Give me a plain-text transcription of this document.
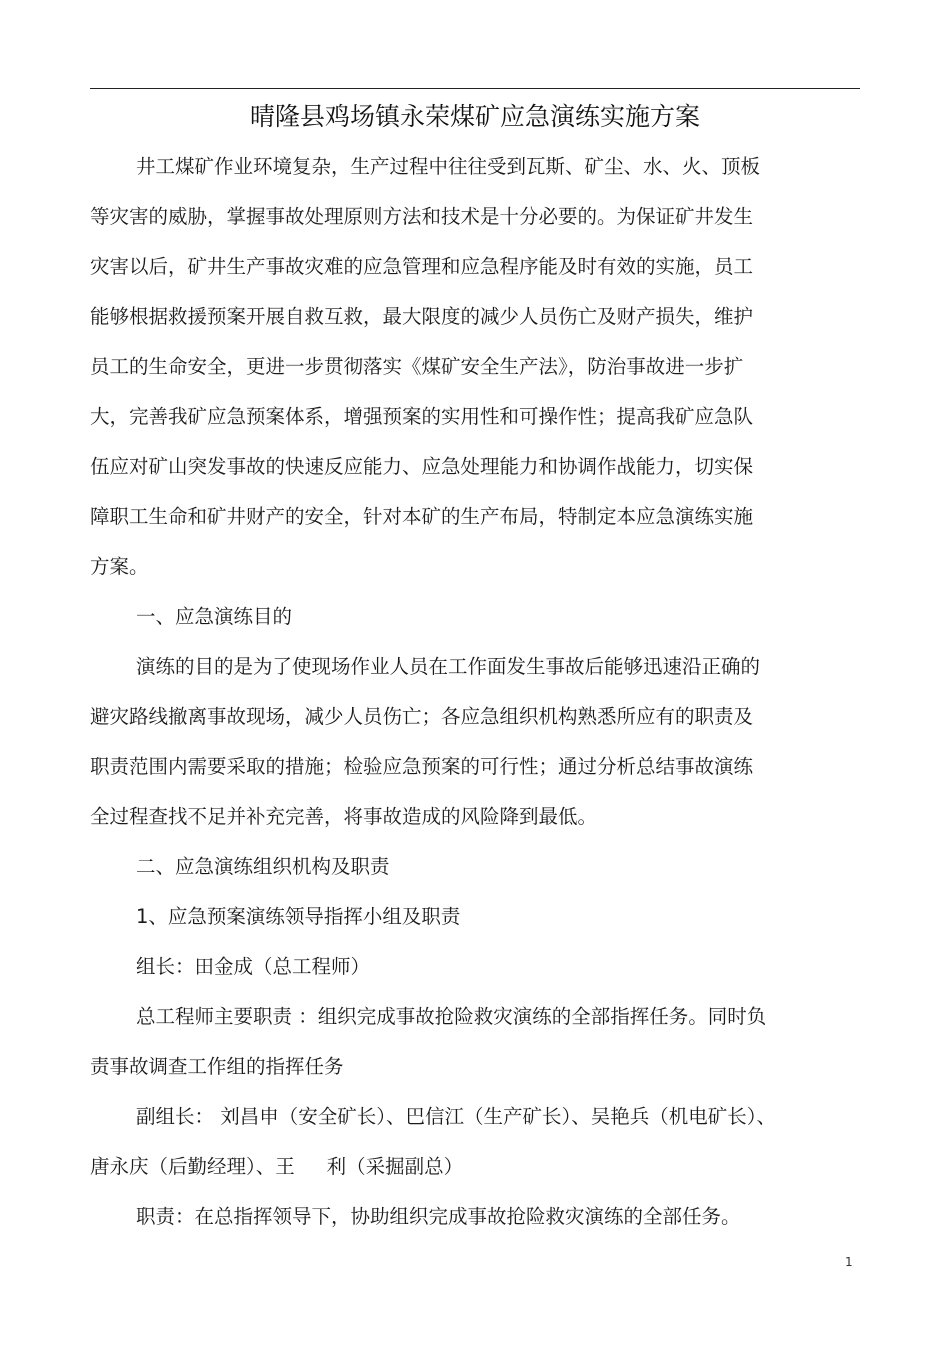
晴隆县鸡场镇永荣煤矿应急演练实施方案
井工煤矿作业环境复杂，生产过程中往往受到瓦斯、矿尘、水、火、顶板
等灾害的威胁，掌握事故处理原则方法和技术是十分必要的。为保证矿井发生
灾害以后，矿井生产事故灾难的应急管理和应急程序能及时有效的实施，员工
能够根据救援预案开展自救互救，最大限度的减少人员伤亡及财产损失，维护
员工的生命安全，更进一步贯彻落实《煤矿安全生产法》，防治事故进一步扩
大，完善我矿应急预案体系，增强预案的实用性和可操作性；提高我矿应急队
伍应对矿山突发事故的快速反应能力、应急处理能力和协调作战能力，切实保
障职工生命和矿井财产的安全，针对本矿的生产布局，特制定本应急演练实施
方案。
一、应急演练目的
演练的目的是为了使现场作业人员在工作面发生事故后能够迅速沿正确的
避灾路线撤离事故现场，减少人员伤亡；各应急组织机构熟悉所应有的职责及
职责范围内需要采取的措施；检验应急预案的可行性；通过分析总结事故演练
全过程查找不足并补充完善，将事故造成的风险降到最低。
二、应急演练组织机构及职责
1、应急预案演练领导指挥小组及职责
组长：田金成（总工程师）
总工程师主要职责 ：组织完成事故抢险救灾演练的全部指挥任务。同时负
责事故调查工作组的指挥任务
副组长： 刘昌申（安全矿长）、巴信江（生产矿长）、吴艳兵（机电矿长）、
唐永庆（后勤经理）、王 　 利（采掘副总）
职责：在总指挥领导下，协助组织完成事故抢险救灾演练的全部任务。
1
